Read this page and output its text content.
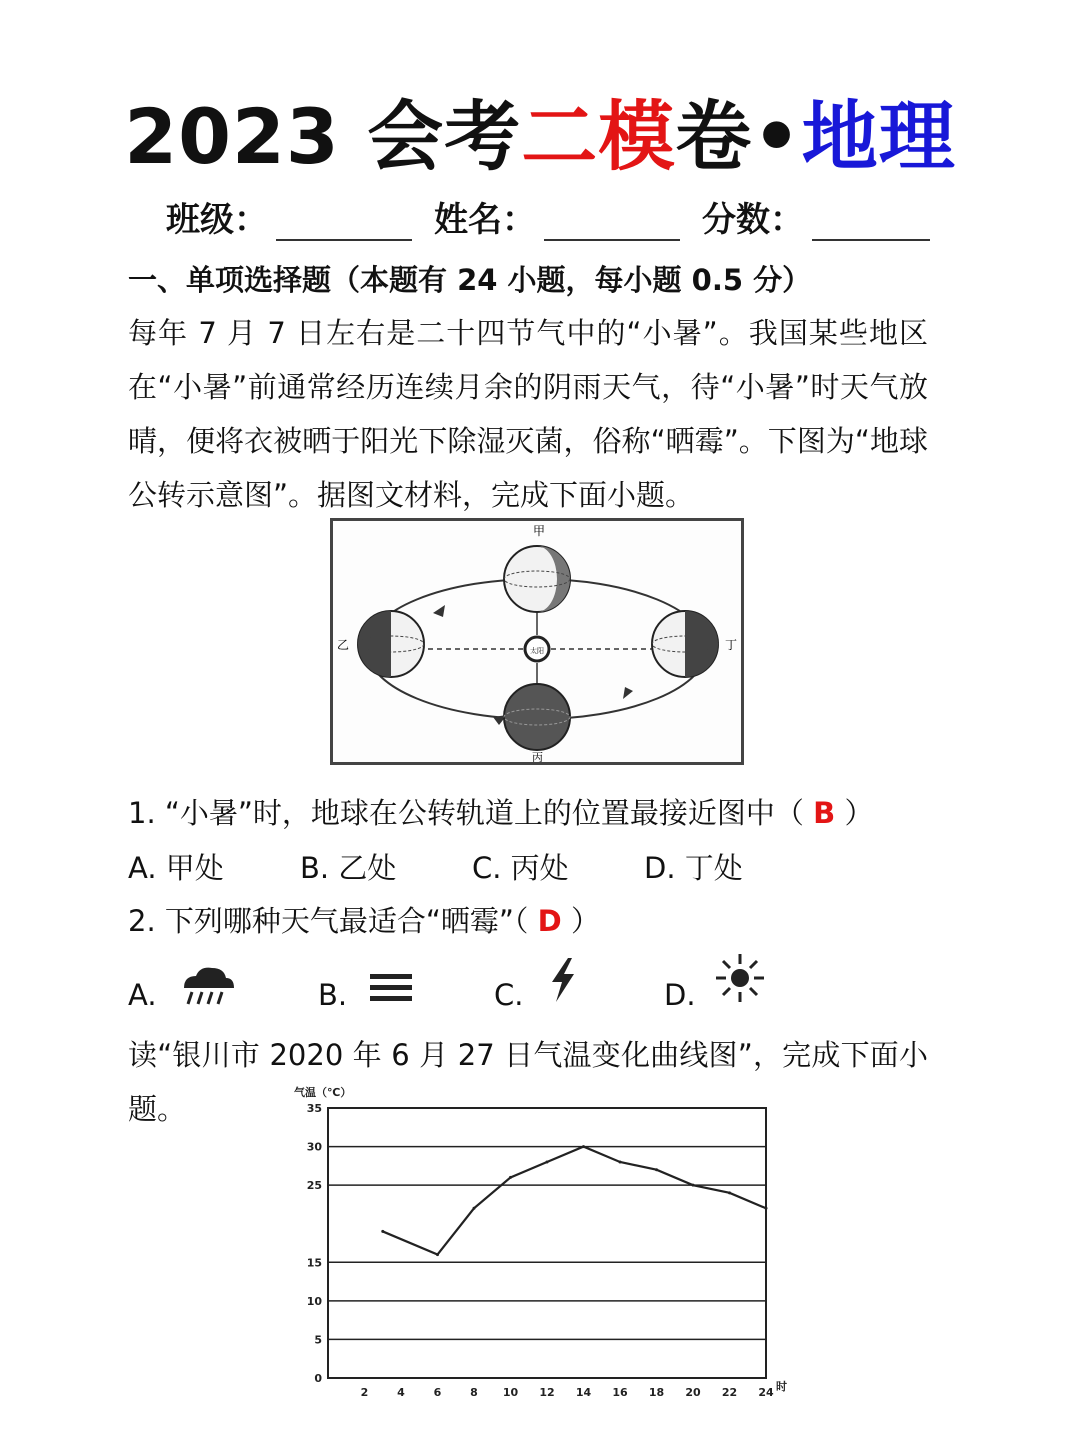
2023 会考二模卷•地理
班级：	姓名：	分数：
一、单项选择题（本题有 24 小题，每小题 0.5 分）
每年 7 月 7 日左右是二十四节气中的“小暑”。我国某些地区在“小暑”前通常经历连续月余的阴雨天气，待“小暑”时天气放晴，便将衣被晒于阳光下除湿灭菌，俗称“晒霉”。下图为“地球公转示意图”。据图文材料，完成下面小题。
太阳
甲
乙	丁
丙
1. “小暑”时，地球在公转轨道上的位置最接近图中（ B ）
A. 甲处	B. 乙处	C. 丙处	D. 丁处
2. 下列哪种天气最适合“晒霉”（ D ）
A.	B.	C.	D.
读“银川市 2020 年 6 月 27 日气温变化曲线图”，完成下面小题。
0
5
10
15
25
30
35
2	4	6	8 10 12 14 16 18 20 22 24
气温（℃）
时
